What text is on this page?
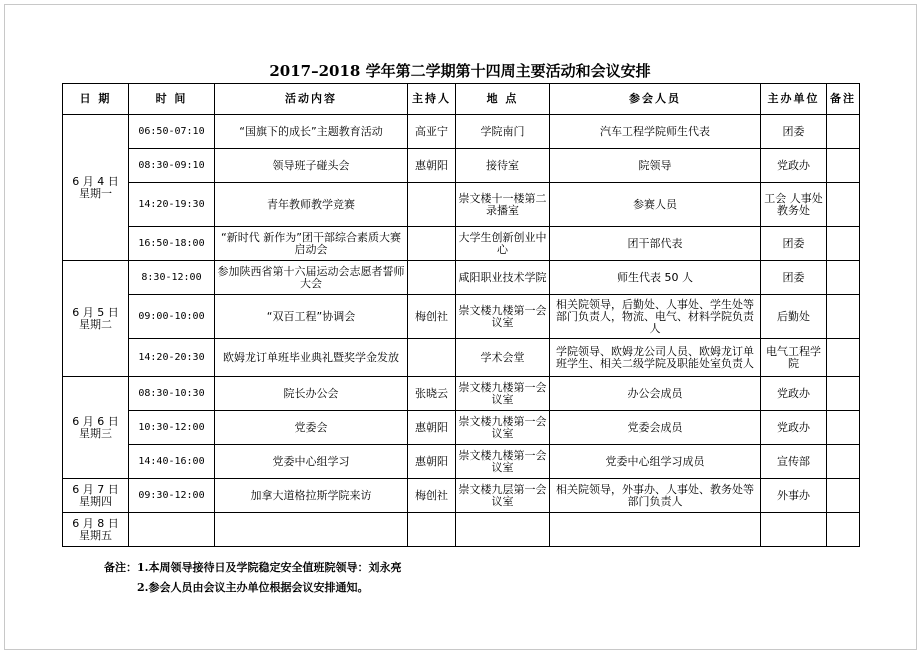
2017–2018 学年第二学期第十四周主要活动和会议安排
日 期	时 间	活动内容	主持人	地 点	参会人员	主办单位	备注

6 月 4 日
星期一	06:50-07:10	“国旗下的成长”主题教育活动	高亚宁	学院南门	汽车工程学院师生代表	团委	
	08:30-09:10	领导班子碰头会	惠朝阳	接待室	院领导	党政办	
	14:20-19:30	青年教师教学竞赛		崇文楼十一楼第二录播室	参赛人员	工会 人事处 教务处	
	16:50-18:00	“新时代 新作为”团干部综合素质大赛启动会		大学生创新创业中心	团干部代表	团委	

6 月 5 日
星期二	8:30-12:00	参加陕西省第十六届运动会志愿者誓师大会		咸阳职业技术学院	师生代表 50 人	团委	
	09:00-10:00	“双百工程”协调会	梅创社	崇文楼九楼第一会议室	相关院领导，后勤处、人事处、学生处等部门负责人，物流、电气、材料学院负责人	后勤处	
	14:20-20:30	欧姆龙订单班毕业典礼暨奖学金发放		学术会堂	学院领导、欧姆龙公司人员、欧姆龙订单班学生、相关二级学院及职能处室负责人	电气工程学院	

6 月 6 日
星期三	08:30-10:30	院长办公会	张晓云	崇文楼九楼第一会议室	办公会成员	党政办	
	10:30-12:00	党委会	惠朝阳	崇文楼九楼第一会议室	党委会成员	党政办	
	14:40-16:00	党委中心组学习	惠朝阳	崇文楼九楼第一会议室	党委中心组学习成员	宣传部	

6 月 7 日
星期四	09:30-12:00	加拿大道格拉斯学院来访	梅创社	崇文楼九层第一会议室	相关院领导，外事办、人事处、教务处等部门负责人	外事办	

6 月 8 日
星期五							

备注：1.本周领导接待日及学院稳定安全值班院领导：刘永亮
2.参会人员由会议主办单位根据会议安排通知。
